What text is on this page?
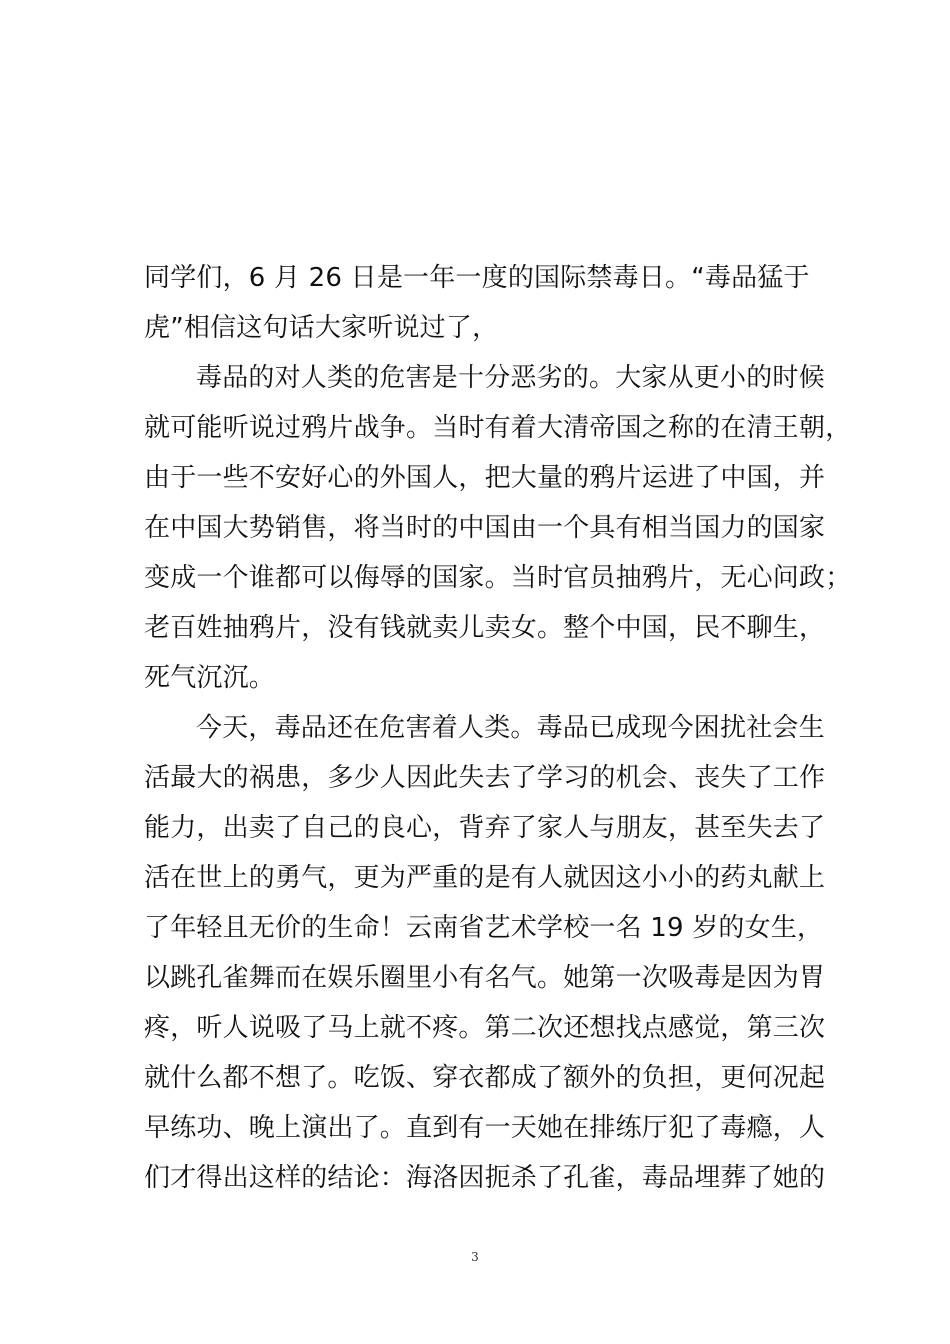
同学们，6 月 26 日是一年一度的国际禁毒日。“毒品猛于
虎”相信这句话大家听说过了，
毒品的对人类的危害是十分恶劣的。大家从更小的时候
就可能听说过鸦片战争。当时有着大清帝国之称的在清王朝，
由于一些不安好心的外国人，把大量的鸦片运进了中国，并
在中国大势销售，将当时的中国由一个具有相当国力的国家
变成一个谁都可以侮辱的国家。当时官员抽鸦片，无心问政；
老百姓抽鸦片，没有钱就卖儿卖女。整个中国，民不聊生，
死气沉沉。
今天，毒品还在危害着人类。毒品已成现今困扰社会生
活最大的祸患，多少人因此失去了学习的机会、丧失了工作
能力，出卖了自己的良心，背弃了家人与朋友，甚至失去了
活在世上的勇气，更为严重的是有人就因这小小的药丸献上
了年轻且无价的生命！云南省艺术学校一名 19 岁的女生，
以跳孔雀舞而在娱乐圈里小有名气。她第一次吸毒是因为胃
疼，听人说吸了马上就不疼。第二次还想找点感觉，第三次
就什么都不想了。吃饭、穿衣都成了额外的负担，更何况起
早练功、晚上演出了。直到有一天她在排练厅犯了毒瘾，人
们才得出这样的结论：海洛因扼杀了孔雀，毒品埋葬了她的
3
